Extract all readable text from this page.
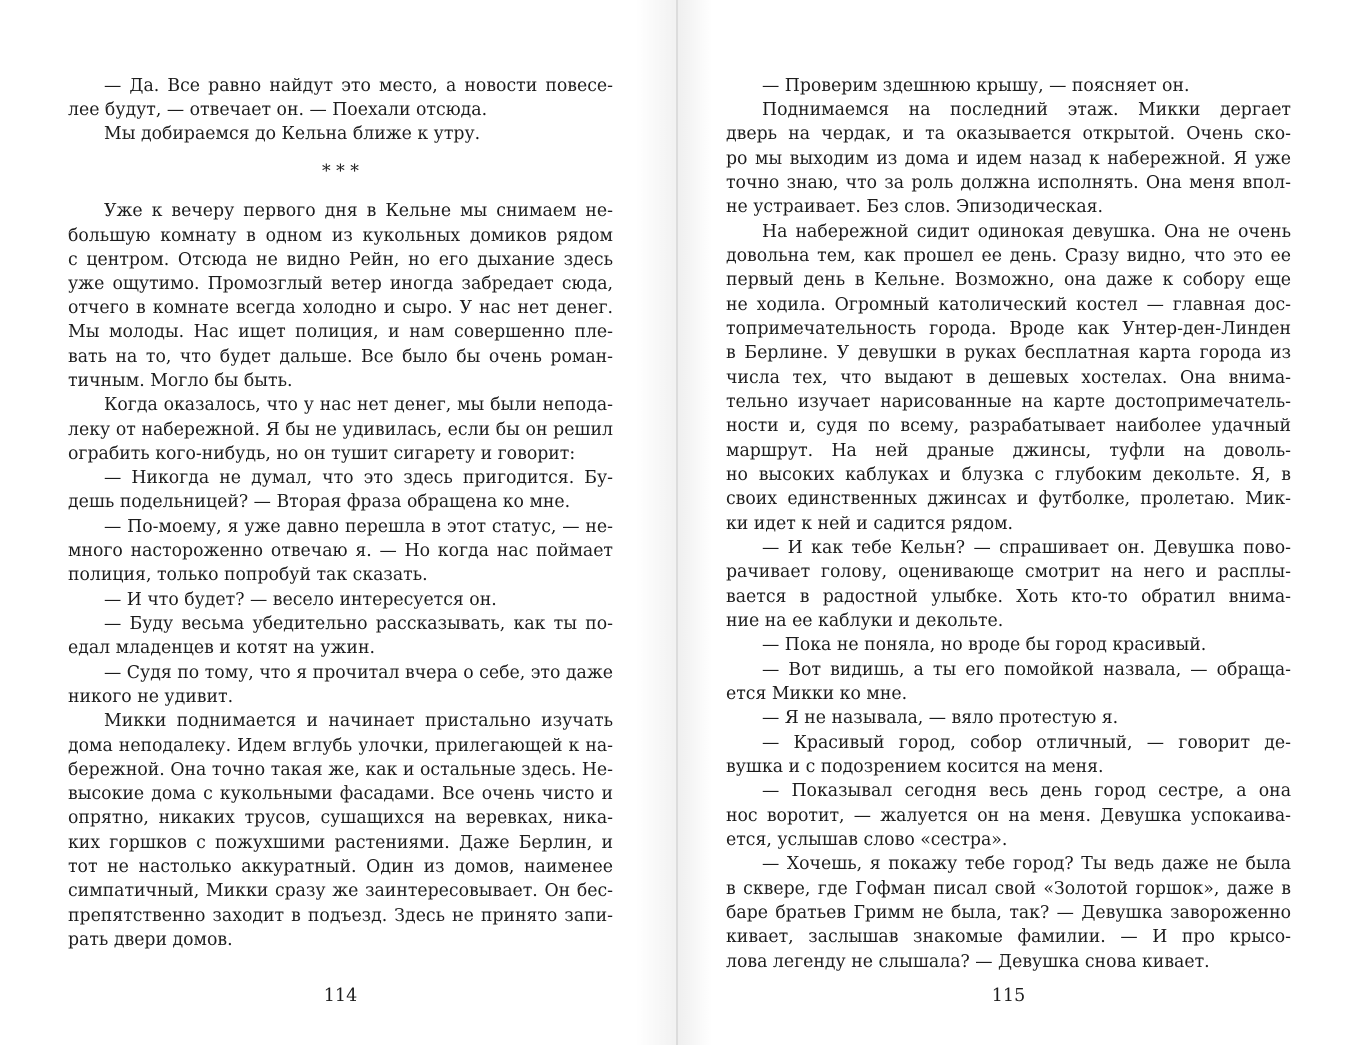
— Да. Все равно найдут это место, а новости повесе-
лее будут, — отвечает он. — Поехали отсюда.
Мы добираемся до Кельна ближе к утру.
* * *
Уже к вечеру первого дня в Кельне мы снимаем не-
большую комнату в одном из кукольных домиков рядом
с центром. Отсюда не видно Рейн, но его дыхание здесь
уже ощутимо. Промозглый ветер иногда забредает сюда,
отчего в комнате всегда холодно и сыро. У нас нет денег.
Мы молоды. Нас ищет полиция, и нам совершенно пле-
вать на то, что будет дальше. Все было бы очень роман-
тичным. Могло бы быть.
Когда оказалось, что у нас нет денег, мы были непода-
леку от набережной. Я бы не удивилась, если бы он решил
ограбить кого-нибудь, но он тушит сигарету и говорит:
— Никогда не думал, что это здесь пригодится. Бу-
дешь подельницей? — Вторая фраза обращена ко мне.
— По-моему, я уже давно перешла в этот статус, — не-
много настороженно отвечаю я. — Но когда нас поймает
полиция, только попробуй так сказать.
— И что будет? — весело интересуется он.
— Буду весьма убедительно рассказывать, как ты по-
едал младенцев и котят на ужин.
— Судя по тому, что я прочитал вчера о себе, это даже
никого не удивит.
Микки поднимается и начинает пристально изучать
дома неподалеку. Идем вглубь улочки, прилегающей к на-
бережной. Она точно такая же, как и остальные здесь. Не-
высокие дома с кукольными фасадами. Все очень чисто и
опрятно, никаких трусов, сушащихся на веревках, ника-
ких горшков с пожухшими растениями. Даже Берлин, и
тот не настолько аккуратный. Один из домов, наименее
симпатичный, Микки сразу же заинтересовывает. Он бес-
препятственно заходит в подъезд. Здесь не принято запи-
рать двери домов.
114
— Проверим здешнюю крышу, — поясняет он.
Поднимаемся на последний этаж. Микки дергает
дверь на чердак, и та оказывается открытой. Очень ско-
ро мы выходим из дома и идем назад к набережной. Я уже
точно знаю, что за роль должна исполнять. Она меня впол-
не устраивает. Без слов. Эпизодическая.
На набережной сидит одинокая девушка. Она не очень
довольна тем, как прошел ее день. Сразу видно, что это ее
первый день в Кельне. Возможно, она даже к собору еще
не ходила. Огромный католический костел — главная дос-
топримечательность города. Вроде как Унтер-ден-Линден
в Берлине. У девушки в руках бесплатная карта города из
числа тех, что выдают в дешевых хостелах. Она внима-
тельно изучает нарисованные на карте достопримечатель-
ности и, судя по всему, разрабатывает наиболее удачный
маршрут. На ней драные джинсы, туфли на доволь-
но высоких каблуках и блузка с глубоким декольте. Я, в
своих единственных джинсах и футболке, пролетаю. Мик-
ки идет к ней и садится рядом.
— И как тебе Кельн? — спрашивает он. Девушка пово-
рачивает голову, оценивающе смотрит на него и расплы-
вается в радостной улыбке. Хоть кто-то обратил внима-
ние на ее каблуки и декольте.
— Пока не поняла, но вроде бы город красивый.
— Вот видишь, а ты его помойкой назвала, — обраща-
ется Микки ко мне.
— Я не называла, — вяло протестую я.
— Красивый город, собор отличный, — говорит де-
вушка и с подозрением косится на меня.
— Показывал сегодня весь день город сестре, а она
нос воротит, — жалуется он на меня. Девушка успокаива-
ется, услышав слово «сестра».
— Хочешь, я покажу тебе город? Ты ведь даже не была
в сквере, где Гофман писал свой «Золотой горшок», даже в
баре братьев Гримм не была, так? — Девушка завороженно
кивает, заслышав знакомые фамилии. — И про крысо-
лова легенду не слышала? — Девушка снова кивает.
115
